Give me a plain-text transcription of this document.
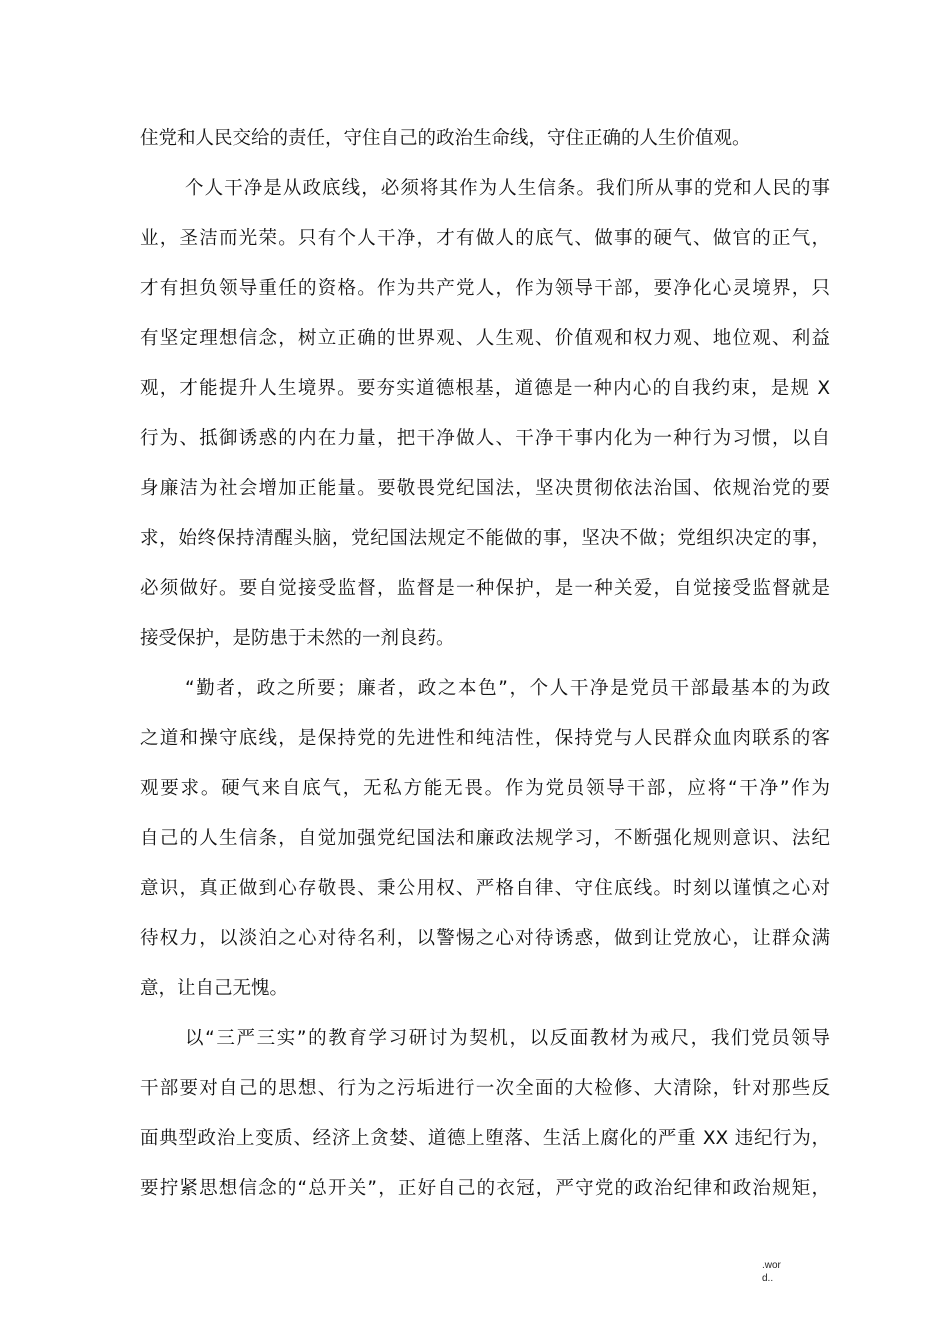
住党和人民交给的责任，守住自己的政治生命线，守住正确的人生价值观。
个人干净是从政底线，必须将其作为人生信条。我们所从事的党和人民的事
业，圣洁而光荣。只有个人干净，才有做人的底气、做事的硬气、做官的正气，
才有担负领导重任的资格。作为共产党人，作为领导干部，要净化心灵境界，只
有坚定理想信念，树立正确的世界观、人生观、价值观和权力观、地位观、利益
观，才能提升人生境界。要夯实道德根基，道德是一种内心的自我约束，是规 X
行为、抵御诱惑的内在力量，把干净做人、干净干事内化为一种行为习惯，以自
身廉洁为社会增加正能量。要敬畏党纪国法，坚决贯彻依法治国、依规治党的要
求，始终保持清醒头脑，党纪国法规定不能做的事，坚决不做；党组织决定的事，
必须做好。要自觉接受监督，监督是一种保护，是一种关爱，自觉接受监督就是
接受保护，是防患于未然的一剂良药。
“勤者，政之所要；廉者，政之本色”，个人干净是党员干部最基本的为政
之道和操守底线，是保持党的先进性和纯洁性，保持党与人民群众血肉联系的客
观要求。硬气来自底气，无私方能无畏。作为党员领导干部，应将“干净”作为
自己的人生信条，自觉加强党纪国法和廉政法规学习，不断强化规则意识、法纪
意识，真正做到心存敬畏、秉公用权、严格自律、守住底线。时刻以谨慎之心对
待权力，以淡泊之心对待名利，以警惕之心对待诱惑，做到让党放心，让群众满
意，让自己无愧。
以“三严三实”的教育学习研讨为契机，以反面教材为戒尺，我们党员领导
干部要对自己的思想、行为之污垢进行一次全面的大检修、大清除，针对那些反
面典型政治上变质、经济上贪婪、道德上堕落、生活上腐化的严重 XX 违纪行为，
要拧紧思想信念的“总开关”，正好自己的衣冠，严守党的政治纪律和政治规矩，
.wor
d..
